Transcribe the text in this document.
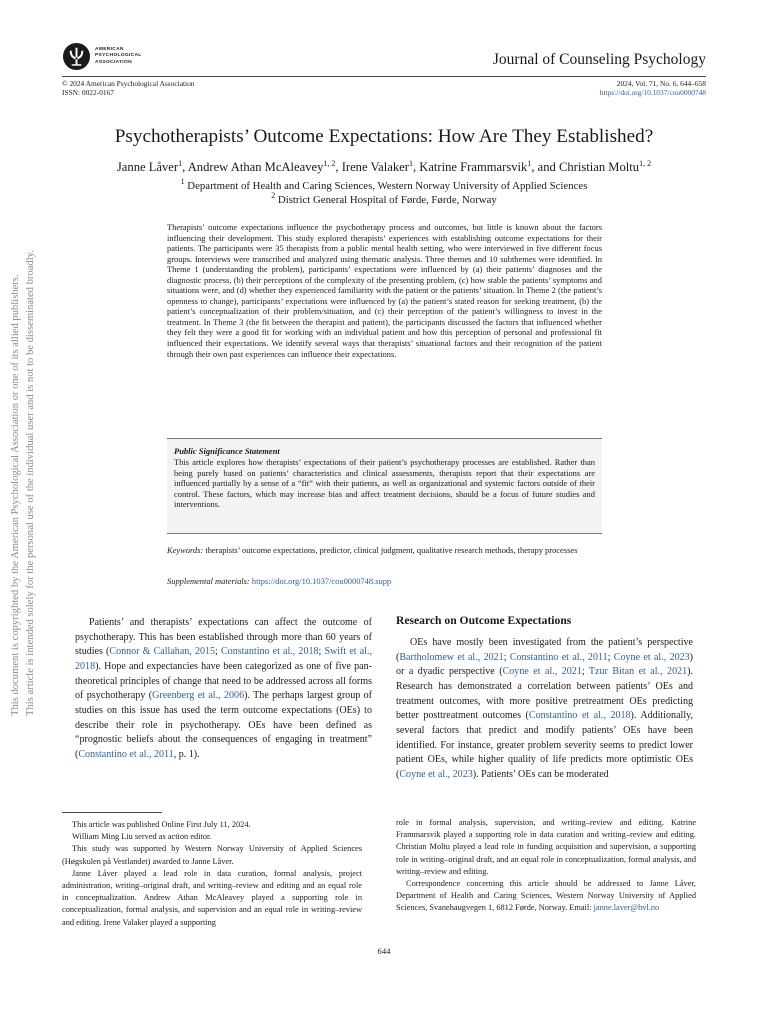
This document is copyrighted by the American Psychological Association or one of its allied publishers. This article is intended solely for the personal use of the individual user and is not to be disseminated broadly.
AMERICAN
PSYCHOLOGICAL
ASSOCIATION	Journal of Counseling Psychology
© 2024 American Psychological Association
ISSN: 0022-0167
2024, Vol. 71, No. 6, 644–658
https://doi.org/10.1037/cou0000748
Psychotherapists’ Outcome Expectations: How Are They Established?
Janne Låver$^1$, Andrew Athan McAleavey$^{1, 2}$, Irene Valaker$^1$, Katrine Frammarsvik$^1$, and Christian Moltu$^{1, 2}$
$^1$ Department of Health and Caring Sciences, Western Norway University of Applied Sciences
$^2$ District General Hospital of Førde, Førde, Norway

Therapists’ outcome expectations influence the psychotherapy process and outcomes, but little is known about the factors influencing their development. This study explored therapists’ experiences with establishing outcome expectations for their patients. The participants were 35 therapists from a public mental health setting, who were interviewed in five different focus groups. Interviews were transcribed and analyzed using thematic analysis. Three themes and 10 subthemes were identified. In Theme 1 (understanding the problem), participants’ expectations were influenced by (a) their patients’ diagnoses and the diagnostic process, (b) their perceptions of the complexity of the presenting problem, (c) how stable the patients’ symptoms and situations were, and (d) whether they experienced familiarity with the patient or the patients’ situation. In Theme 2 (the patient’s openness to change), participants’ expectations were influenced by (a) the patient’s stated reason for seeking treatment, (b) the patient’s conceptualization of their problem/situation, and (c) their perception of the patient’s willingness to invest in the treatment. In Theme 3 (the fit between the therapist and patient), the participants discussed the factors that influenced whether they felt they were a good fit for working with an individual patient and how this perception of personal and professional fit influenced their expectations. We identify several ways that therapists’ situational factors and their recognition of the patient through their own past experiences can influence their expectations.

Public Significance Statement

This article explores how therapists’ expectations of their patient’s psychotherapy processes are established. Rather than being purely based on patients’ characteristics and clinical assessments, therapists report that their expectations are influenced partially by a sense of a “fit” with their patients, as well as organizational and systemic factors outside of their control. These factors, which may increase bias and affect treatment decisions, should be a focus of future studies and interventions.

Keywords: therapists’ outcome expectations, predictor, clinical judgment, qualitative research methods, therapy processes
Supplemental materials: https://doi.org/10.1037/cou0000748.supp

Patients’ and therapists’ expectations can affect the outcome of psychotherapy. This has been established through more than 60 years of studies (Connor & Callahan, 2015; Constantino et al., 2018; Swift et al., 2018). Hope and expectancies have been categorized as one of five pan-theoretical principles of change that need to be addressed across all forms of psychotherapy (Greenberg et al., 2006). The perhaps largest group of studies on this issue has used the term outcome expectations (OEs) to describe their role in psychotherapy. OEs have been defined as “prognostic beliefs about the consequences of engaging in treatment” (Constantino et al., 2011, p. 1).

Research on Outcome Expectations

OEs have mostly been investigated from the patient’s perspective (Bartholomew et al., 2021; Constantino et al., 2011; Coyne et al., 2023) or a dyadic perspective (Coyne et al., 2021; Tzur Bitan et al., 2021). Research has demonstrated a correlation between patients’ OEs and treatment outcomes, with more positive pretreatment OEs predicting better posttreatment outcomes (Constantino et al., 2018). Additionally, several factors that predict and modify patients’ OEs have been identified. For instance, greater problem severity seems to predict lower patient OEs, while higher quality of life predicts more optimistic OEs (Coyne et al., 2023). Patients’ OEs can be moderated

This article was published Online First July 11, 2024.

William Ming Liu served as action editor.

This study was supported by Western Norway University of Applied Sciences (Høgskulen på Vestlandet) awarded to Janne Låver.

Janne Låver played a lead role in data curation, formal analysis, project administration, writing–original draft, and writing–review and editing and an equal role in conceptualization. Andrew Athan McAleavey played a supporting role in conceptualization, formal analysis, and supervision and an equal role in writing–review and editing. Irene Valaker played a supporting

role in formal analysis, supervision, and writing–review and editing. Katrine Frammarsvik played a supporting role in data curation and writing–review and editing. Christian Moltu played a lead role in funding acquisition and supervision, a supporting role in writing–original draft, and an equal role in conceptualization, formal analysis, and writing–review and editing.

Correspondence concerning this article should be addressed to Janne Låver, Department of Health and Caring Sciences, Western Norway University of Applied Sciences, Svanehaugvegen 1, 6812 Førde, Norway. Email: janne.laver@hvl.no

644
